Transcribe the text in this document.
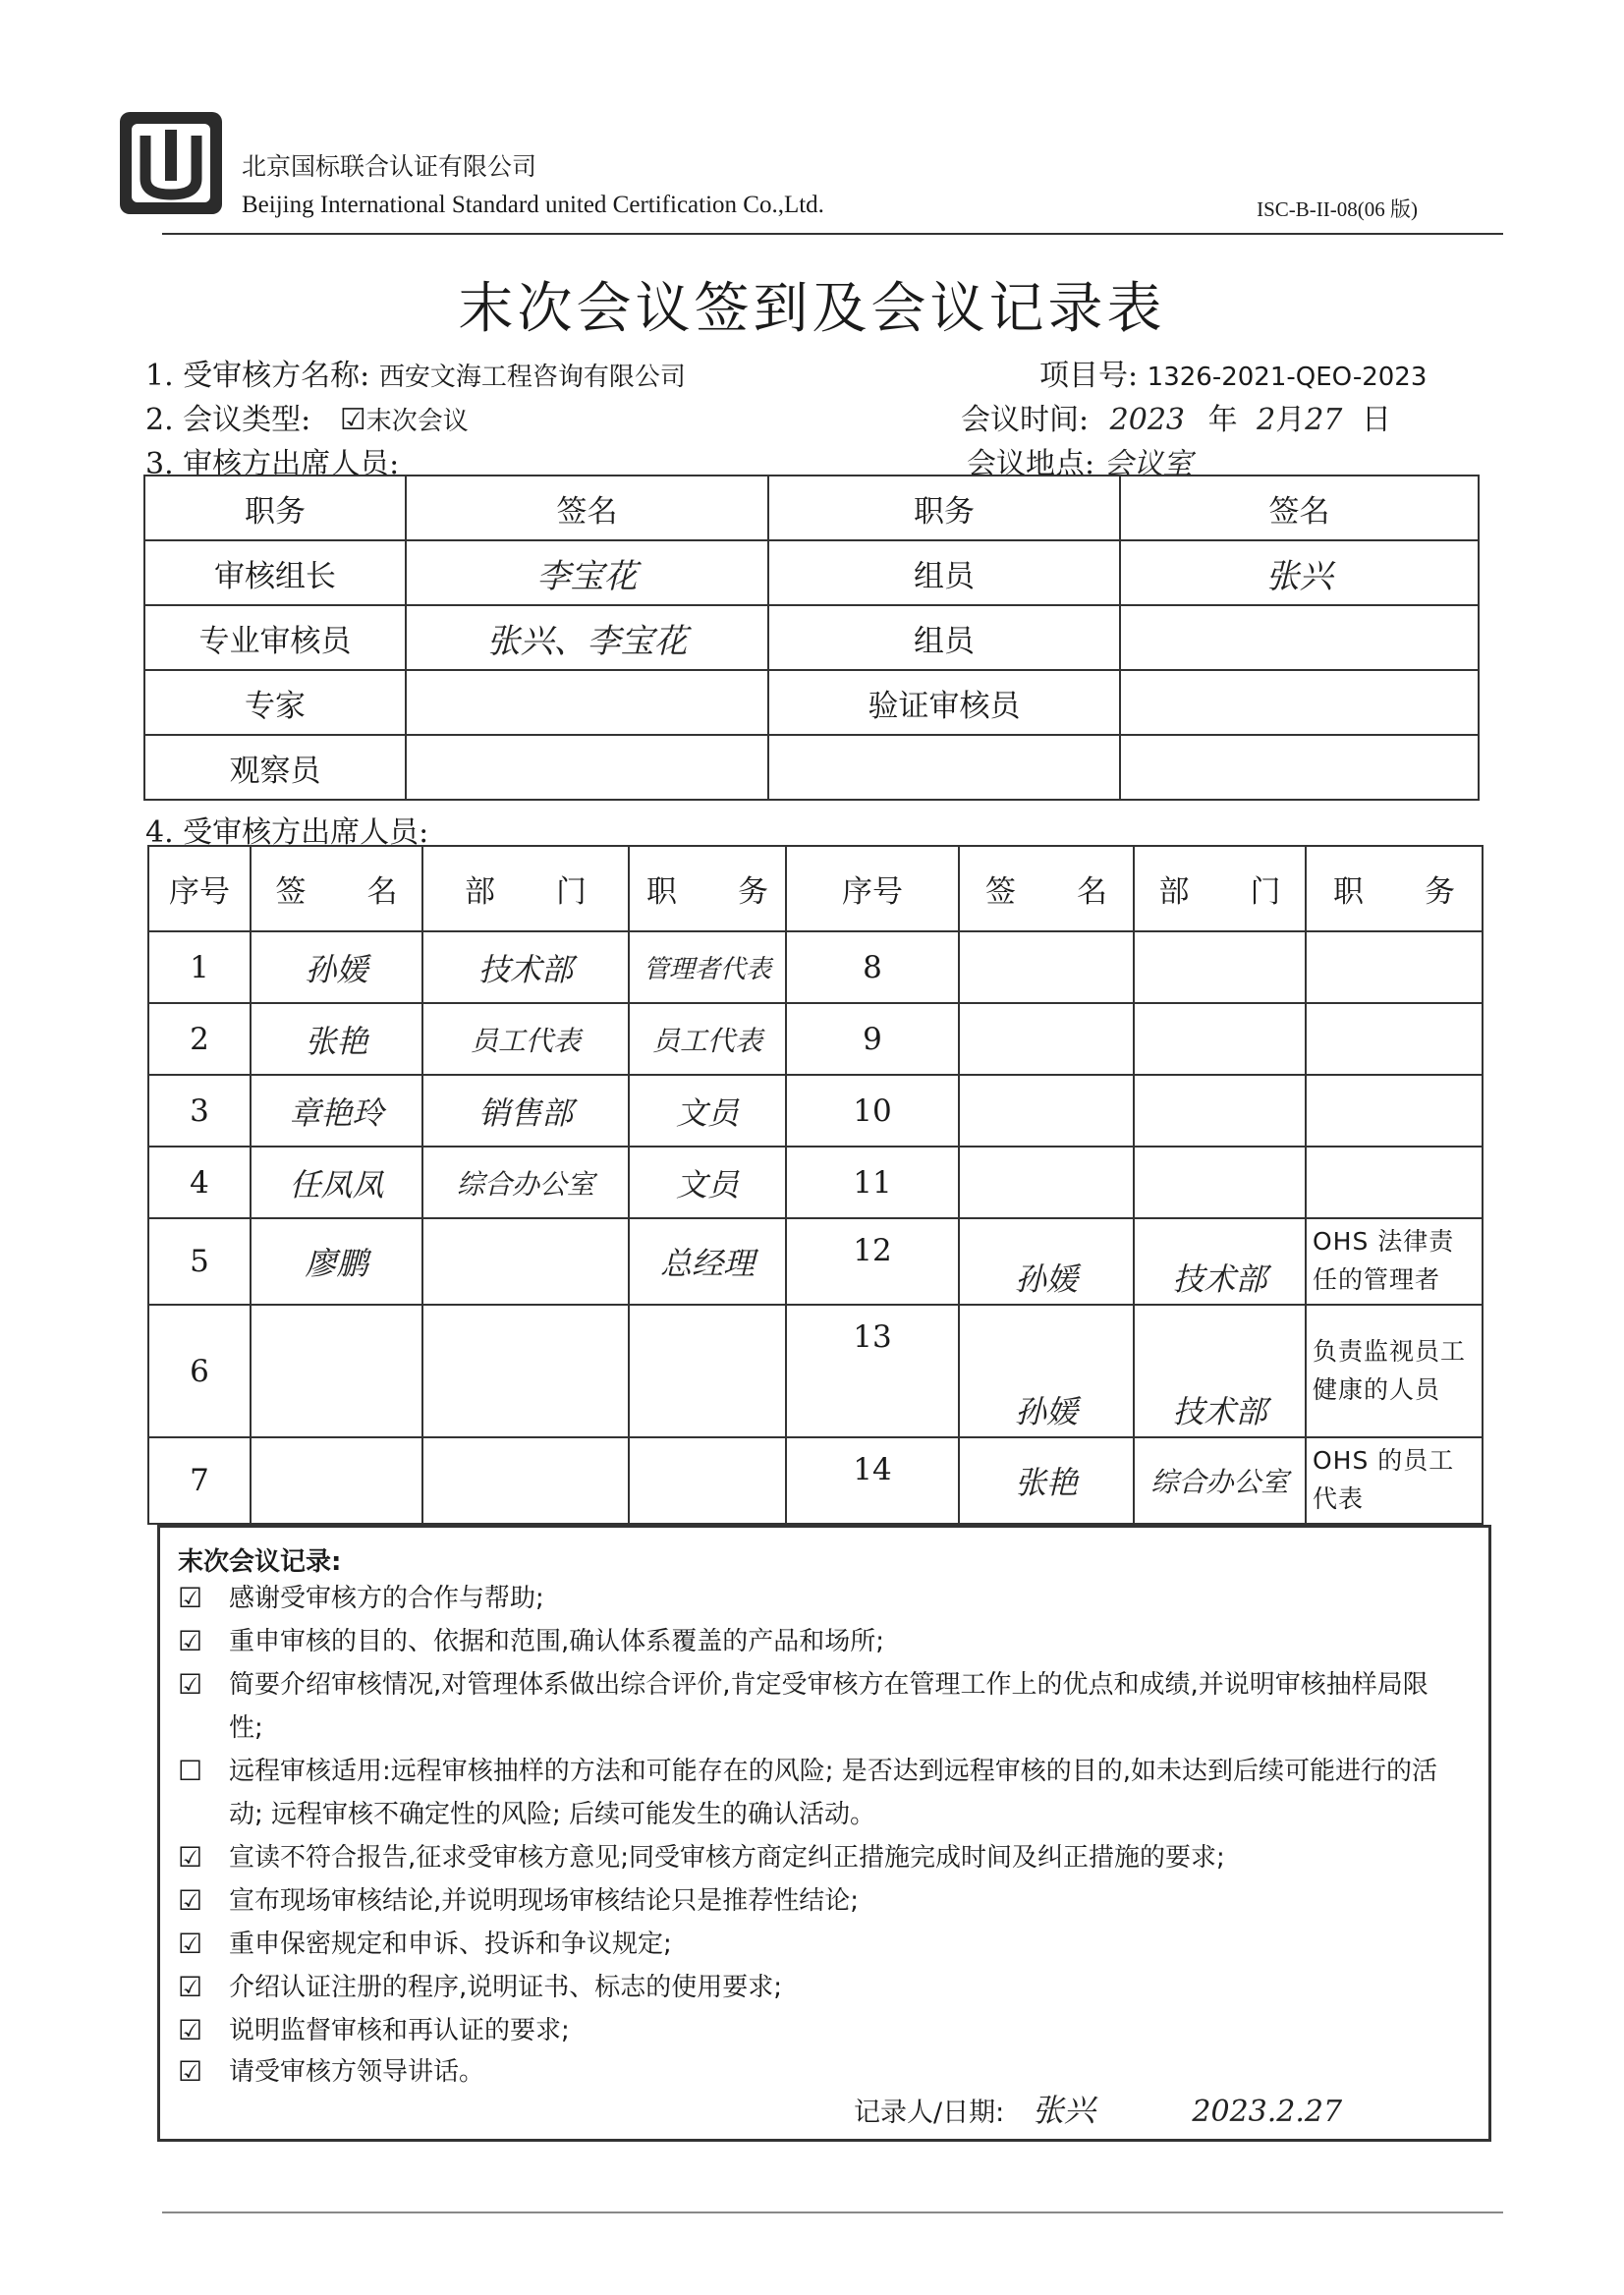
北京国标联合认证有限公司
Beijing International Standard united Certification Co.,Ltd.	ISC-B-II-08(06 版)
末次会议签到及会议记录表
1. 受审核方名称: 西安文海工程咨询有限公司	项目号: 1326-2021-QEO-2023
2. 会议类型: ☑末次会议	会议时间: 2023 年 2月27 日
3. 审核方出席人员:	会议地点: 会议室
职务	签名	职务	签名
审核组长	李宝花	组员	张兴
专业审核员	张兴、李宝花	组员	
专家		验证审核员	
观察员			
4. 受审核方出席人员:
序号	签　　名	部　　门	职　　务	序号	签　　名	部　　门	职　　务
1	孙媛	技术部	管理者代表	8			
2	张艳	员工代表	员工代表	9			
3	章艳玲	销售部	文员	10			
4	任凤凤	综合办公室	文员	11			
5	廖鹏		总经理	12	孙媛	技术部	OHS 法律责任的管理者
6				13	孙媛	技术部	负责监视员工健康的人员
7				14	张艳	综合办公室	OHS 的员工代表
末次会议记录:
☑ 感谢受审核方的合作与帮助;
☑ 重申审核的目的、依据和范围,确认体系覆盖的产品和场所;
☑ 简要介绍审核情况,对管理体系做出综合评价,肯定受审核方在管理工作上的优点和成绩,并说明审核抽样局限性;
☐ 远程审核适用:远程审核抽样的方法和可能存在的风险; 是否达到远程审核的目的,如未达到后续可能进行的活动; 远程审核不确定性的风险; 后续可能发生的确认活动。
☑ 宣读不符合报告,征求受审核方意见;同受审核方商定纠正措施完成时间及纠正措施的要求;
☑ 宣布现场审核结论,并说明现场审核结论只是推荐性结论;
☑ 重申保密规定和申诉、投诉和争议规定;
☑ 介绍认证注册的程序,说明证书、标志的使用要求;
☑ 说明监督审核和再认证的要求;
☑ 请受审核方领导讲话。
记录人/日期: 张兴	2023.2.27
